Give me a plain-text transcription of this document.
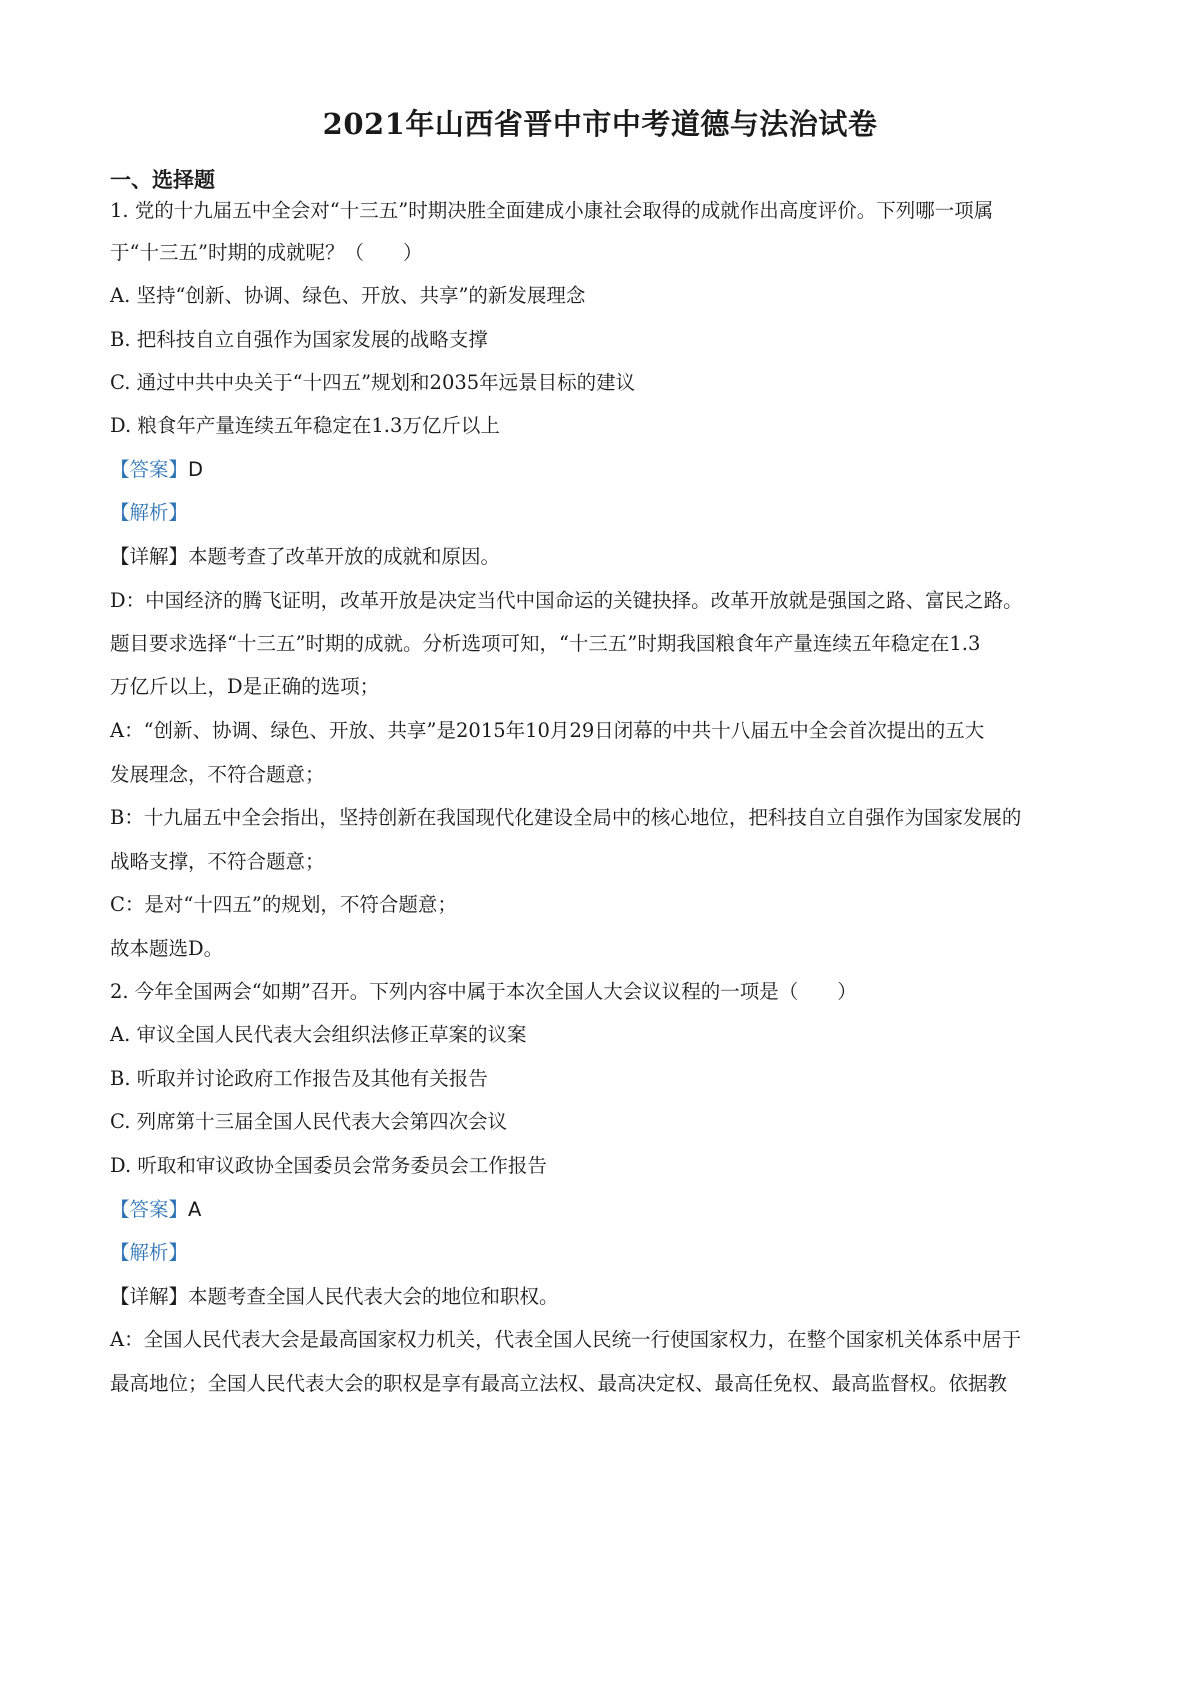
2021年山西省晋中市中考道德与法治试卷
一、选择题
1. 党的十九届五中全会对“十三五”时期决胜全面建成小康社会取得的成就作出高度评价。下列哪一项属
于“十三五”时期的成就呢？（　　）
A. 坚持“创新、协调、绿色、开放、共享”的新发展理念
B. 把科技自立自强作为国家发展的战略支撑
C. 通过中共中央关于“十四五”规划和2035年远景目标的建议
D. 粮食年产量连续五年稳定在1.3万亿斤以上
【答案】D
【解析】
【详解】本题考查了改革开放的成就和原因。
D：中国经济的腾飞证明，改革开放是决定当代中国命运的关键抉择。改革开放就是强国之路、富民之路。
题目要求选择“十三五”时期的成就。分析选项可知，“十三五”时期我国粮食年产量连续五年稳定在1.3
万亿斤以上，D是正确的选项；
A：“创新、协调、绿色、开放、共享”是2015年10月29日闭幕的中共十八届五中全会首次提出的五大
发展理念，不符合题意；
B：十九届五中全会指出，坚持创新在我国现代化建设全局中的核心地位，把科技自立自强作为国家发展的
战略支撑，不符合题意；
C：是对“十四五”的规划，不符合题意；
故本题选D。
2. 今年全国两会“如期”召开。下列内容中属于本次全国人大会议议程的一项是（　　）
A. 审议全国人民代表大会组织法修正草案的议案
B. 听取并讨论政府工作报告及其他有关报告
C. 列席第十三届全国人民代表大会第四次会议
D. 听取和审议政协全国委员会常务委员会工作报告
【答案】A
【解析】
【详解】本题考查全国人民代表大会的地位和职权。
A：全国人民代表大会是最高国家权力机关，代表全国人民统一行使国家权力，在整个国家机关体系中居于
最高地位；全国人民代表大会的职权是享有最高立法权、最高决定权、最高任免权、最高监督权。依据教
